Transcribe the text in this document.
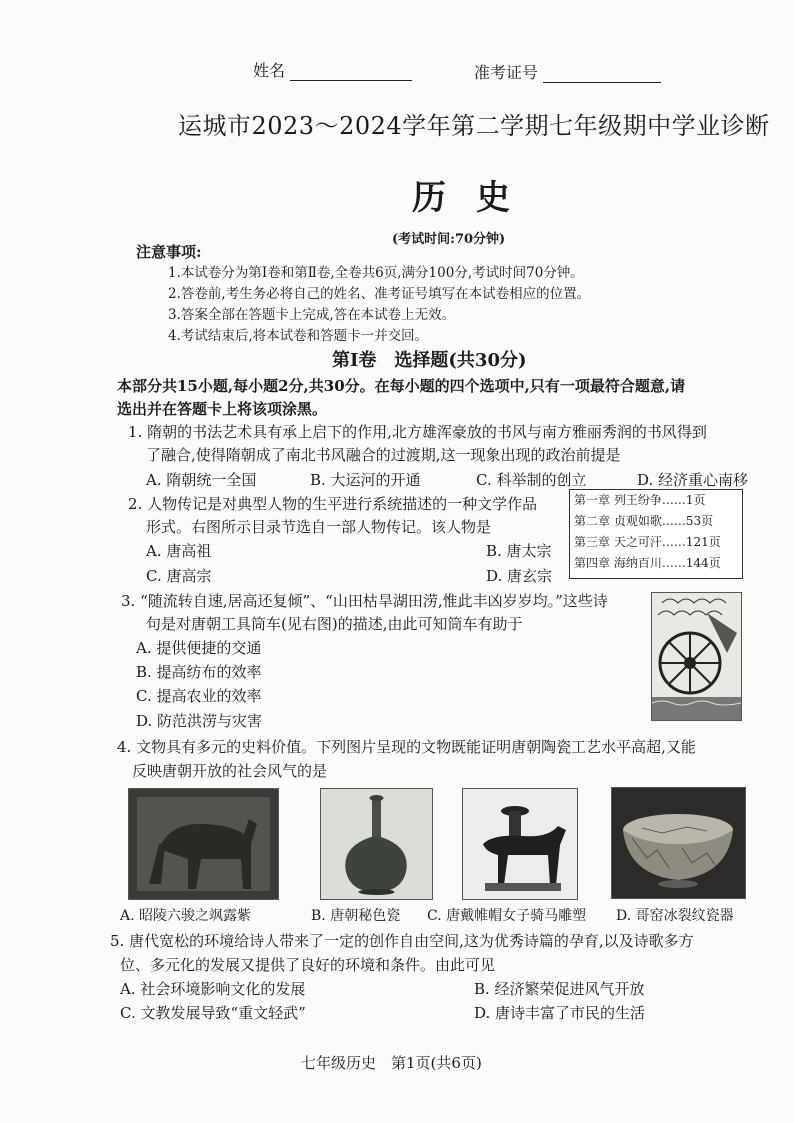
姓名	准考证号
运城市2023～2024学年第二学期七年级期中学业诊断
历史
(考试时间:70分钟)
注意事项:
1.本试卷分为第Ⅰ卷和第Ⅱ卷,全卷共6页,满分100分,考试时间70分钟。
2.答卷前,考生务必将自己的姓名、准考证号填写在本试卷相应的位置。
3.答案全部在答题卡上完成,答在本试卷上无效。
4.考试结束后,将本试卷和答题卡一并交回。
第Ⅰ卷　选择题(共30分)
本部分共15小题,每小题2分,共30分。在每小题的四个选项中,只有一项最符合题意,请
选出并在答题卡上将该项涂黑。
1. 隋朝的书法艺术具有承上启下的作用,北方雄浑豪放的书风与南方雅丽秀润的书风得到
了融合,使得隋朝成了南北书风融合的过渡期,这一现象出现的政治前提是
A. 隋朝统一全国	B. 大运河的开通	C. 科举制的创立	D. 经济重心南移
2. 人物传记是对典型人物的生平进行系统描述的一种文学作品
形式。右图所示目录节选自一部人物传记。该人物是
A. 唐高祖	B. 唐太宗
C. 唐高宗	D. 唐玄宗
第一章 列王纷争……1页
第二章 贞观如歌……53页
第三章 天之可汗……121页
第四章 海纳百川……144页
3. “随流转自速,居高还复倾”、“山田枯旱湖田涝,惟此丰凶岁岁均。”这些诗
句是对唐朝工具筒车(见右图)的描述,由此可知筒车有助于
A. 提供便捷的交通
B. 提高纺布的效率
C. 提高农业的效率
D. 防范洪涝与灾害
4. 文物具有多元的史料价值。下列图片呈现的文物既能证明唐朝陶瓷工艺水平高超,又能
反映唐朝开放的社会风气的是
A. 昭陵六骏之飒露紫	B. 唐朝秘色瓷 C. 唐戴帷帽女子骑马雕塑 D. 哥窑冰裂纹瓷器
5. 唐代宽松的环境给诗人带来了一定的创作自由空间,这为优秀诗篇的孕育,以及诗歌多方
位、多元化的发展又提供了良好的环境和条件。由此可见
A. 社会环境影响文化的发展	B. 经济繁荣促进风气开放
C. 文教发展导致“重文轻武”	D. 唐诗丰富了市民的生活
七年级历史　第1页(共6页)
